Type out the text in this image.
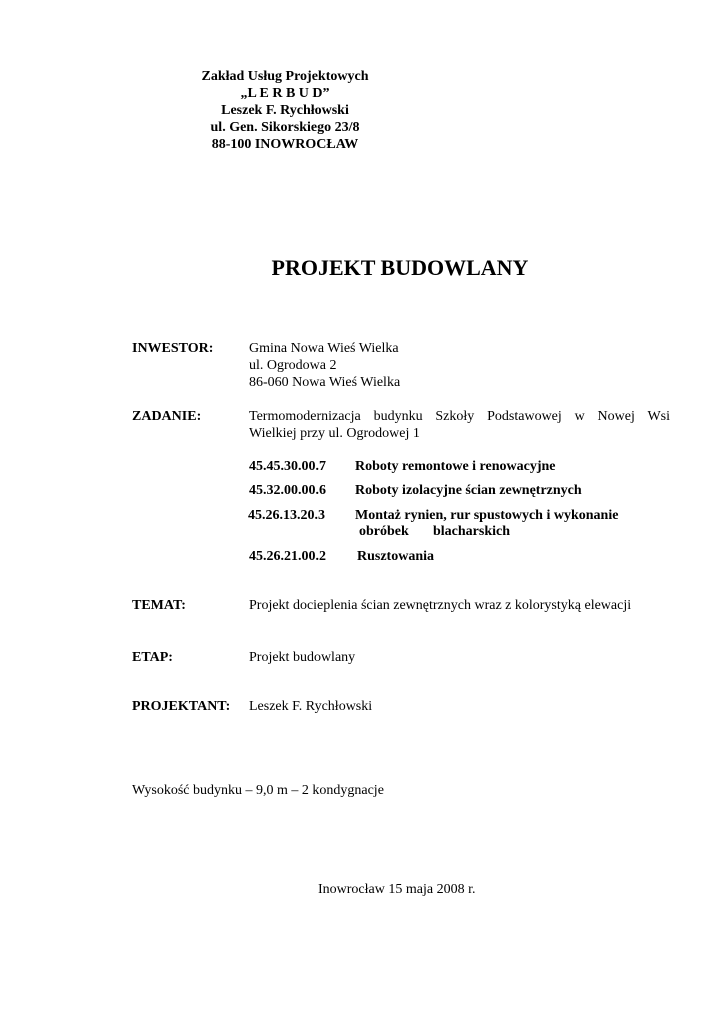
Zakład Usług Projektowych
„L E R B U D”
Leszek F. Rychłowski
ul. Gen. Sikorskiego 23/8
88-100 INOWROCŁAW
PROJEKT BUDOWLANY
INWESTOR:	Gmina Nowa Wieś Wielka
ul. Ogrodowa 2
86-060 Nowa Wieś Wielka
ZADANIE:	Termomodernizacja budynku Szkoły Podstawowej w Nowej Wsi
Wielkiej przy ul. Ogrodowej 1
45.45.30.00.7 Roboty remontowe i renowacyjne
45.32.00.00.6 Roboty izolacyjne ścian zewnętrznych
45.26.13.20.3 Montaż rynien, rur spustowych i wykonanie
obróbek blacharskich
45.26.21.00.2 Rusztowania
TEMAT:	Projekt docieplenia ścian zewnętrznych wraz z kolorystyką elewacji
ETAP:	Projekt budowlany
PROJEKTANT: Leszek F. Rychłowski
Wysokość budynku – 9,0 m – 2 kondygnacje
Inowrocław 15 maja 2008 r.
